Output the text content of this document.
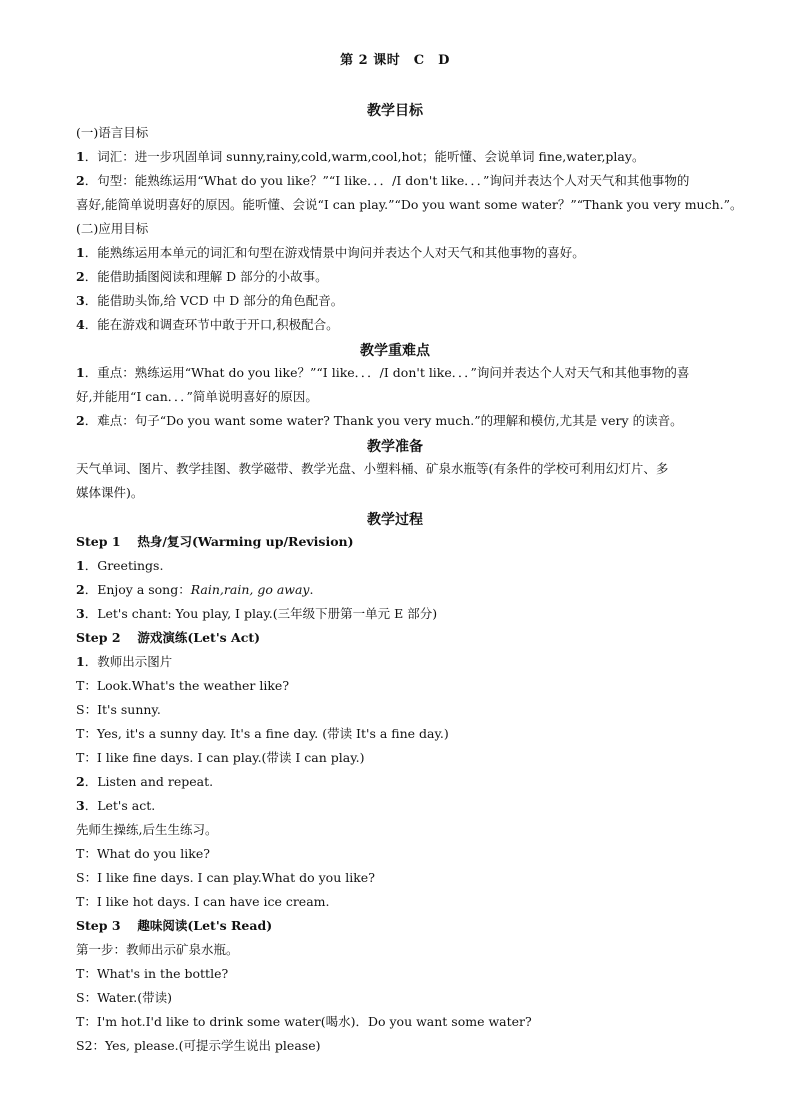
第 2 课时　C　D
教学目标
(一)语言目标
1．词汇：进一步巩固单词 sunny,rainy,cold,warm,cool,hot；能听懂、会说单词 fine,water,play。
2．句型：能熟练运用“What do you like？”“I like．．．/I don't like．．．”询问并表达个人对天气和其他事物的
喜好,能简单说明喜好的原因。能听懂、会说“I can play.”“Do you want some water？”“Thank you very much.”。
(二)应用目标
1．能熟练运用本单元的词汇和句型在游戏情景中询问并表达个人对天气和其他事物的喜好。
2．能借助插图阅读和理解 D 部分的小故事。
3．能借助头饰,给 VCD 中 D 部分的角色配音。
4．能在游戏和调查环节中敢于开口,积极配合。
教学重难点
1．重点：熟练运用“What do you like？”“I like．．．/I don't like．．．”询问并表达个人对天气和其他事物的喜
好,并能用“I can．．．”简单说明喜好的原因。
2．难点：句子“Do you want some water? Thank you very much.”的理解和模仿,尤其是 very 的读音。
教学准备
天气单词、图片、教学挂图、教学磁带、教学光盘、小塑料桶、矿泉水瓶等(有条件的学校可利用幻灯片、多
媒体课件)。
教学过程
Step 1　 热身/复习(Warming up/Revision)
1．Greetings.
2．Enjoy a song：Rain,rain, go away.
3．Let's chant: You play, I play.(三年级下册第一单元 E 部分)
Step 2　 游戏演练(Let's Act)
1．教师出示图片
T：Look.What's the weather like?
S：It's sunny.
T：Yes, it's a sunny day. It's a fine day. (带读 It's a fine day.)
T：I like fine days. I can play.(带读 I can play.)
2．Listen and repeat.
3．Let's act.
先师生操练,后生生练习。
T：What do you like?
S：I like fine days. I can play.What do you like?
T：I like hot days. I can have ice cream.
Step 3　 趣味阅读(Let's Read)
第一步：教师出示矿泉水瓶。
T：What's in the bottle?
S：Water.(带读)
T：I'm hot.I'd like to drink some water(喝水)．Do you want some water?
S2：Yes, please.(可提示学生说出 please)
